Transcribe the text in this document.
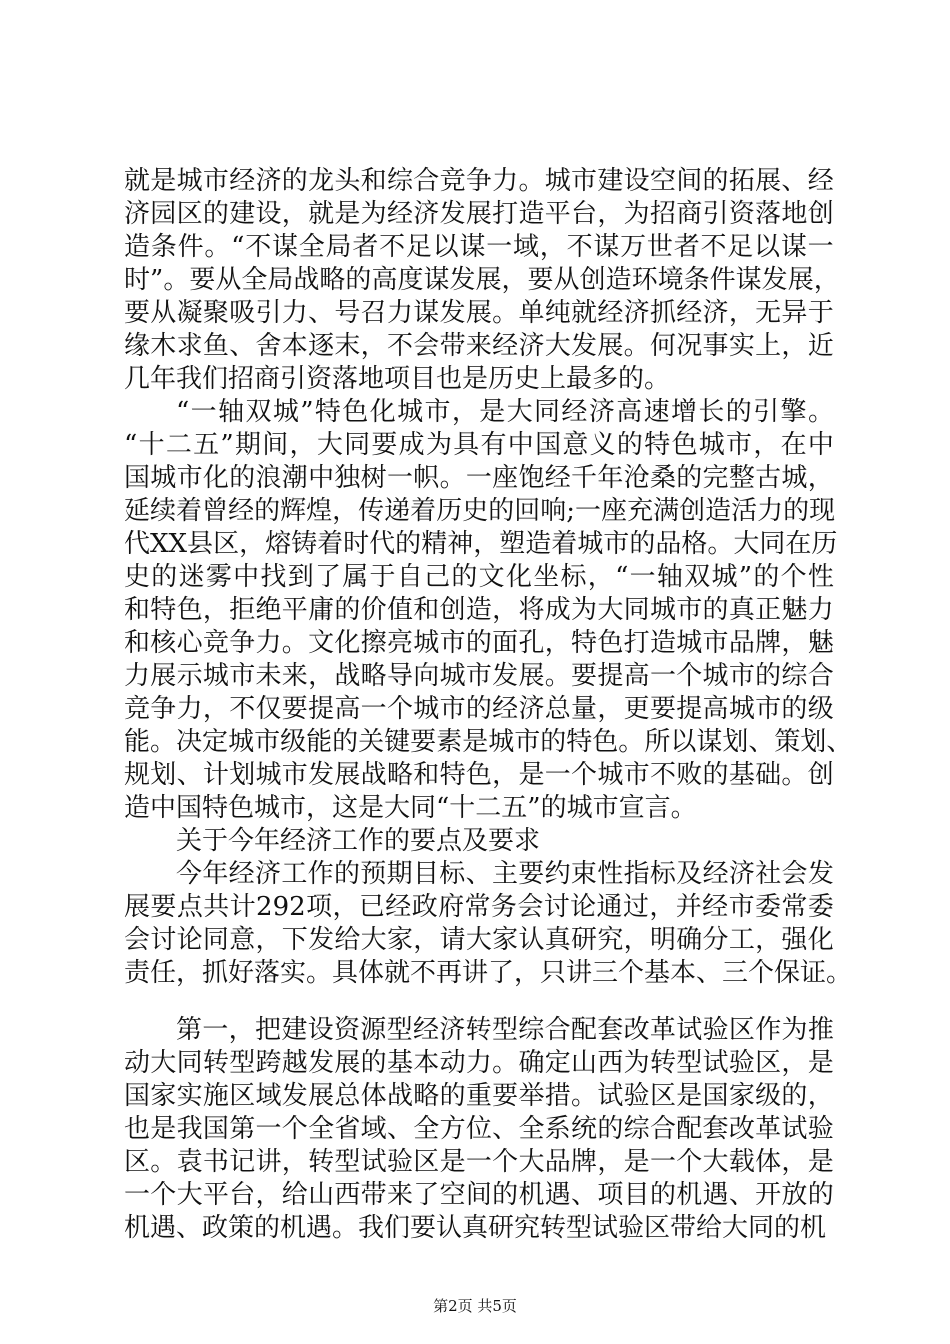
就 是 城 市 经 济 的 龙 头 和 综 合 竞 争 力 。 城 市 建 设 空 间 的 拓 展 、 经
济 园 区 的 建 设 ， 就 是 为 经 济 发 展 打 造 平 台 ， 为 招 商 引 资 落 地 创
造 条 件 。 “ 不 谋 全 局 者 不 足 以 谋 一 域 ， 不 谋 万 世 者 不 足 以 谋 一
时 ” 。 要 从 全 局 战 略 的 高 度 谋 发 展 ， 要 从 创 造 环 境 条 件 谋 发 展 ，
要 从 凝 聚 吸 引 力 、 号 召 力 谋 发 展 。 单 纯 就 经 济 抓 经 济 ， 无 异 于
缘 木 求 鱼 、 舍 本 逐 末 ， 不 会 带 来 经 济 大 发 展 。 何 况 事 实 上 ， 近
几年我们招商引资落地项目也是历史上最多的。
“ 一 轴 双 城 ” 特 色 化 城 市 ， 是 大 同 经 济 高 速 增 长 的 引 擎 。
“ 十 二 五 ” 期 间 ， 大 同 要 成 为 具 有 中 国 意 义 的 特 色 城 市 ， 在 中
国 城 市 化 的 浪 潮 中 独 树 一 帜 。 一 座 饱 经 千 年 沧 桑 的 完 整 古 城 ，
延 续 着 曾 经 的 辉 煌 ， 传 递 着 历 史 的 回 响 ; 一 座 充 满 创 造 活 力 的 现
代 XX 县 区 ， 熔 铸 着 时 代 的 精 神 ， 塑 造 着 城 市 的 品 格 。 大 同 在 历
史 的 迷 雾 中 找 到 了 属 于 自 己 的 文 化 坐 标 ， “ 一 轴 双 城 ” 的 个 性
和 特 色 ， 拒 绝 平 庸 的 价 值 和 创 造 ， 将 成 为 大 同 城 市 的 真 正 魅 力
和 核 心 竞 争 力 。 文 化 擦 亮 城 市 的 面 孔 ， 特 色 打 造 城 市 品 牌 ， 魅
力 展 示 城 市 未 来 ， 战 略 导 向 城 市 发 展 。 要 提 高 一 个 城 市 的 综 合
竞 争 力 ， 不 仅 要 提 高 一 个 城 市 的 经 济 总 量 ， 更 要 提 高 城 市 的 级
能 。 决 定 城 市 级 能 的 关 键 要 素 是 城 市 的 特 色 。 所 以 谋 划 、 策 划 、
规 划 、 计 划 城 市 发 展 战 略 和 特 色 ， 是 一 个 城 市 不 败 的 基 础 。 创
造中国特色城市，这是大同“十二五”的城市宣言。
关于今年经济工作的要点及要求
今 年 经 济 工 作 的 预 期 目 标 、 主 要 约 束 性 指 标 及 经 济 社 会 发
展 要 点 共 计 292 项 ， 已 经 政 府 常 务 会 讨 论 通 过 ， 并 经 市 委 常 委
会 讨 论 同 意 ， 下 发 给 大 家 ， 请 大 家 认 真 研 究 ， 明 确 分 工 ， 强 化
责任，抓好落实。具体就不再讲了，只讲三个基本、三个保证。
第 一 ， 把 建 设 资 源 型 经 济 转 型 综 合 配 套 改 革 试 验 区 作 为 推
动 大 同 转 型 跨 越 发 展 的 基 本 动 力 。 确 定 山 西 为 转 型 试 验 区 ， 是
国 家 实 施 区 域 发 展 总 体 战 略 的 重 要 举 措 。 试 验 区 是 国 家 级 的 ，
也 是 我 国 第 一 个 全 省 域 、 全 方 位 、 全 系 统 的 综 合 配 套 改 革 试 验
区 。 袁 书 记 讲 ， 转 型 试 验 区 是 一 个 大 品 牌 ， 是 一 个 大 载 体 ， 是
一 个 大 平 台 ， 给 山 西 带 来 了 空 间 的 机 遇 、 项 目 的 机 遇 、 开 放 的
机遇、政策的机遇。我们要认真研究转型试验区带给大同的机
第2页 共5页
